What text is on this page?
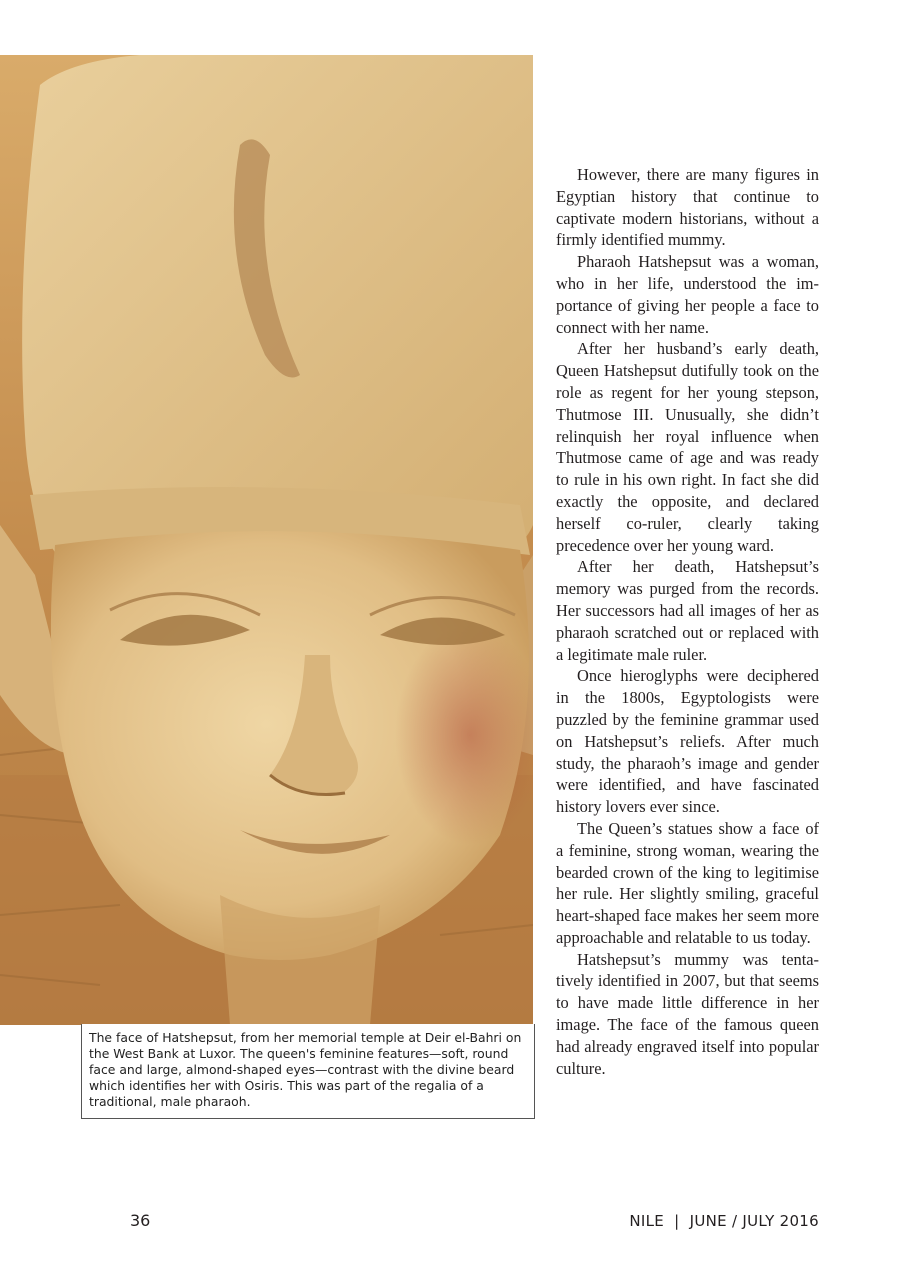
The face of Hatshepsut, from her memorial temple at Deir el-Bahri on the West Bank at Luxor. The queen's feminine features—soft, round face and large, almond-shaped eyes—contrast with the divine beard which identifies her with Osiris. This was part of the regalia of a traditional, male pharaoh.

However, there are many figures in Egyptian history that continue to captivate modern historians, without a firmly identified mummy.

Pharaoh Hatshepsut was a woman, who in her life, understood the importance of giving her people a face to connect with her name.

After her husband’s early death, Queen Hatshepsut dutifully took on the role as regent for her young stepson, Thutmose III. Unusually, she didn’t relinquish her royal influence when Thutmose came of age and was ready to rule in his own right. In fact she did exactly the opposite, and declared herself co-ruler, clearly taking precedence over her young ward.

After her death, Hatshepsut’s memory was purged from the records. Her successors had all images of her as pharaoh scratched out or replaced with a legitimate male ruler.

Once hieroglyphs were deciphered in the 1800s, Egyptologists were puzzled by the feminine grammar used on Hatshepsut’s reliefs. After much study, the pharaoh’s image and gender were identified, and have fascinated history lovers ever since.

The Queen’s statues show a face of a feminine, strong woman, wearing the bearded crown of the king to legitimise her rule. Her slightly smiling, graceful heart-shaped face makes her seem more approachable and relatable to us today.

Hatshepsut’s mummy was tentatively identified in 2007, but that seems to have made little difference in her image. The face of the famous queen had already engraved itself into popular culture.

36	NILE  |  JUNE / JULY 2016
